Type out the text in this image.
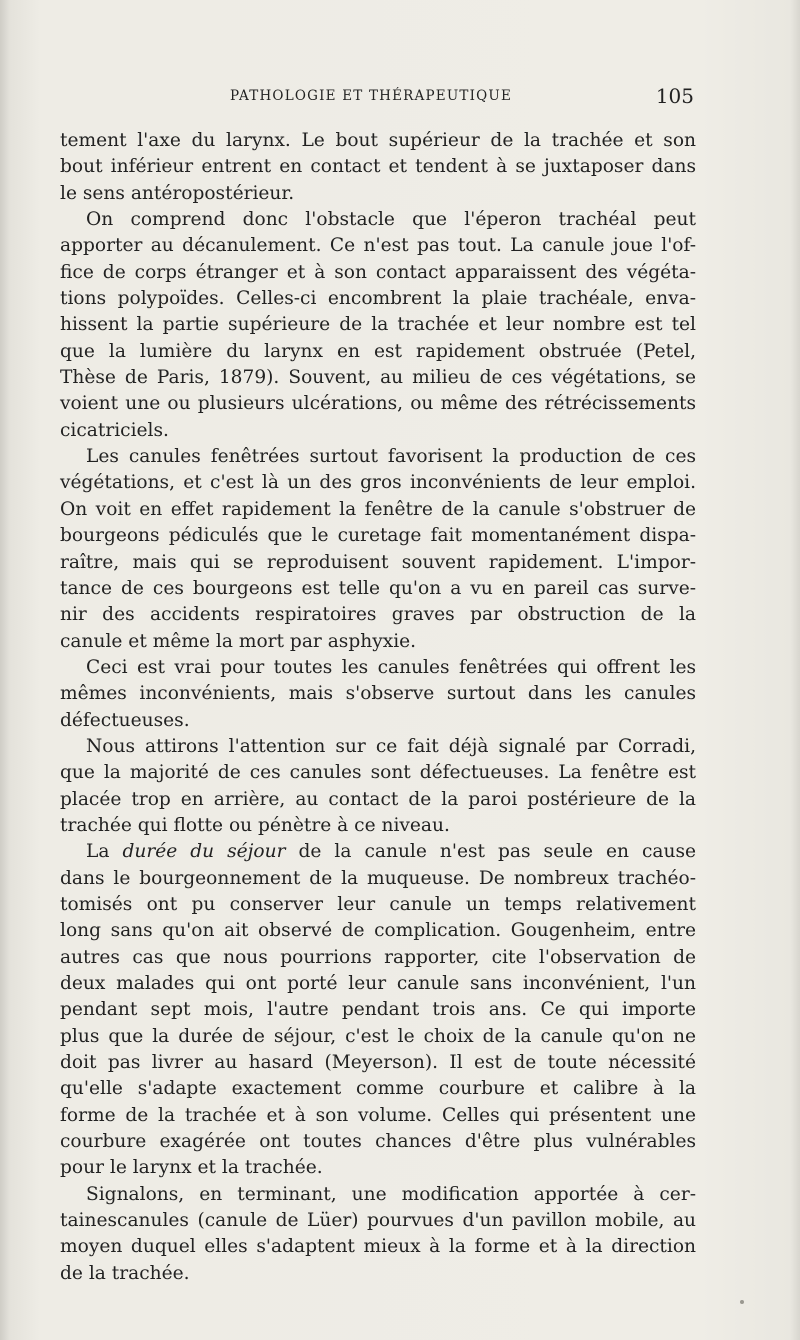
PATHOLOGIE ET THÉRAPEUTIQUE	105
tement l'axe du larynx. Le bout supérieur de la trachée et son
bout inférieur entrent en contact et tendent à se juxtaposer dans
le sens antéropostérieur.
On comprend donc l'obstacle que l'éperon trachéal peut
apporter au décanulement. Ce n'est pas tout. La canule joue l'of-
fice de corps étranger et à son contact apparaissent des végéta-
tions polypoïdes. Celles-ci encombrent la plaie trachéale, enva-
hissent la partie supérieure de la trachée et leur nombre est tel
que la lumière du larynx en est rapidement obstruée (Petel,
Thèse de Paris, 1879). Souvent, au milieu de ces végétations, se
voient une ou plusieurs ulcérations, ou même des rétrécissements
cicatriciels.
Les canules fenêtrées surtout favorisent la production de ces
végétations, et c'est là un des gros inconvénients de leur emploi.
On voit en effet rapidement la fenêtre de la canule s'obstruer de
bourgeons pédiculés que le curetage fait momentanément dispa-
raître, mais qui se reproduisent souvent rapidement. L'impor-
tance de ces bourgeons est telle qu'on a vu en pareil cas surve-
nir des accidents respiratoires graves par obstruction de la
canule et même la mort par asphyxie.
Ceci est vrai pour toutes les canules fenêtrées qui offrent les
mêmes inconvénients, mais s'observe surtout dans les canules
défectueuses.
Nous attirons l'attention sur ce fait déjà signalé par Corradi,
que la majorité de ces canules sont défectueuses. La fenêtre est
placée trop en arrière, au contact de la paroi postérieure de la
trachée qui flotte ou pénètre à ce niveau.
La durée du séjour de la canule n'est pas seule en cause
dans le bourgeonnement de la muqueuse. De nombreux trachéo-
tomisés ont pu conserver leur canule un temps relativement
long sans qu'on ait observé de complication. Gougenheim, entre
autres cas que nous pourrions rapporter, cite l'observation de
deux malades qui ont porté leur canule sans inconvénient, l'un
pendant sept mois, l'autre pendant trois ans. Ce qui importe
plus que la durée de séjour, c'est le choix de la canule qu'on ne
doit pas livrer au hasard (Meyerson). Il est de toute nécessité
qu'elle s'adapte exactement comme courbure et calibre à la
forme de la trachée et à son volume. Celles qui présentent une
courbure exagérée ont toutes chances d'être plus vulnérables
pour le larynx et la trachée.
Signalons, en terminant, une modification apportée à cer-
tainescanules (canule de Lüer) pourvues d'un pavillon mobile, au
moyen duquel elles s'adaptent mieux à la forme et à la direction
de la trachée.
